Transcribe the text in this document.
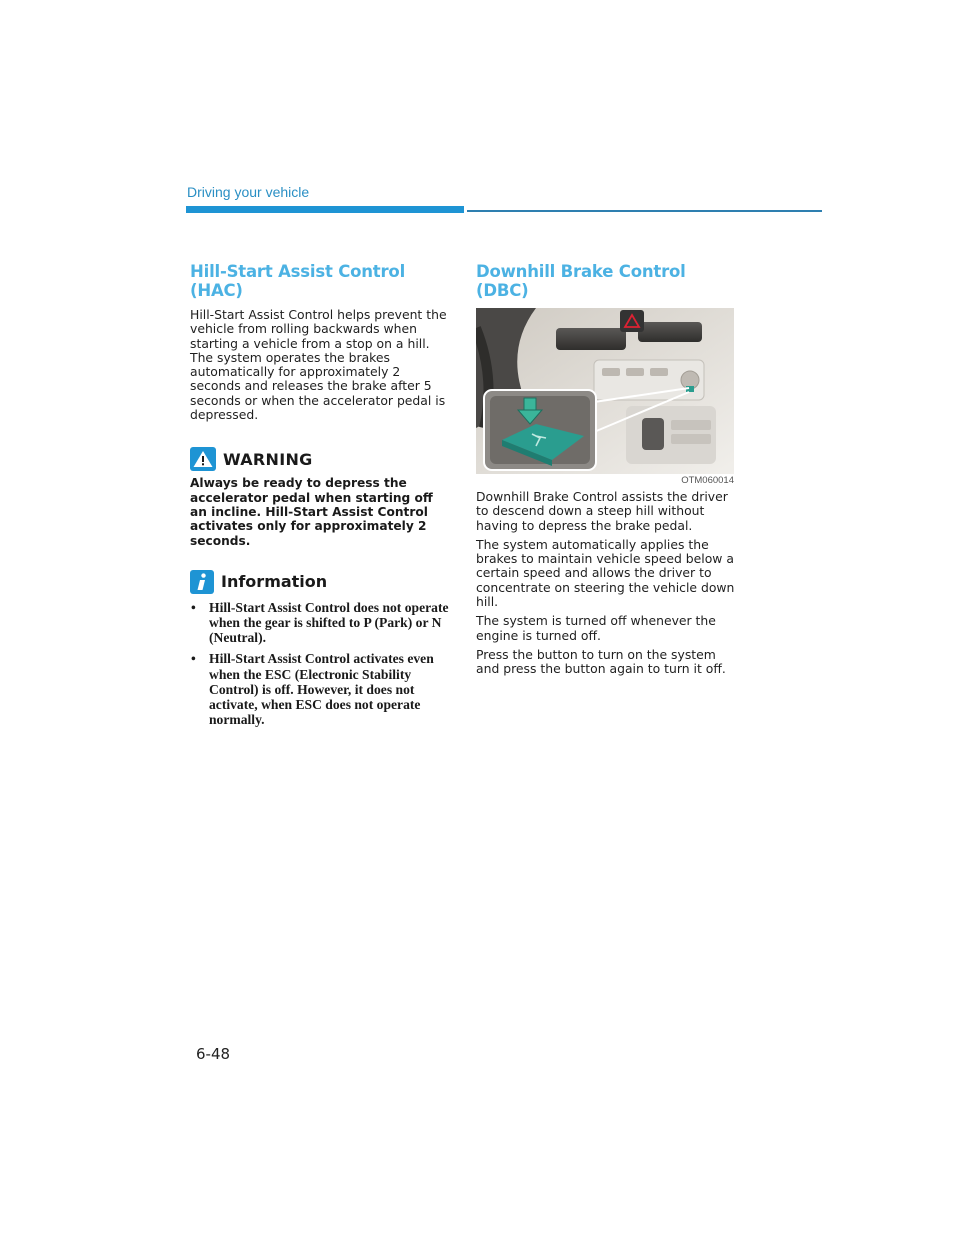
Driving your vehicle
Hill-Start Assist Control (HAC)

Hill-Start Assist Control helps prevent the vehicle from rolling backwards when starting a vehicle from a stop on a hill. The system operates the brakes automatically for approximately 2 seconds and releases the brake after 5 seconds or when the accelerator pedal is depressed.

WARNING

Always be ready to depress the accelerator pedal when starting off an incline. Hill-Start Assist Control activates only for approximately 2 seconds.

Information
• Hill-Start Assist Control does not operate when the gear is shifted to P (Park) or N (Neutral).
• Hill-Start Assist Control activates even when the ESC (Electronic Stability Control) is off. However, it does not activate, when ESC does not operate normally.
Downhill Brake Control (DBC)
OTM060014

Downhill Brake Control assists the driver to descend down a steep hill without having to depress the brake pedal.

The system automatically applies the brakes to maintain vehicle speed below a certain speed and allows the driver to concentrate on steering the vehicle down hill.

The system is turned off whenever the engine is turned off.

Press the button to turn on the system and press the button again to turn it off.

6-48
